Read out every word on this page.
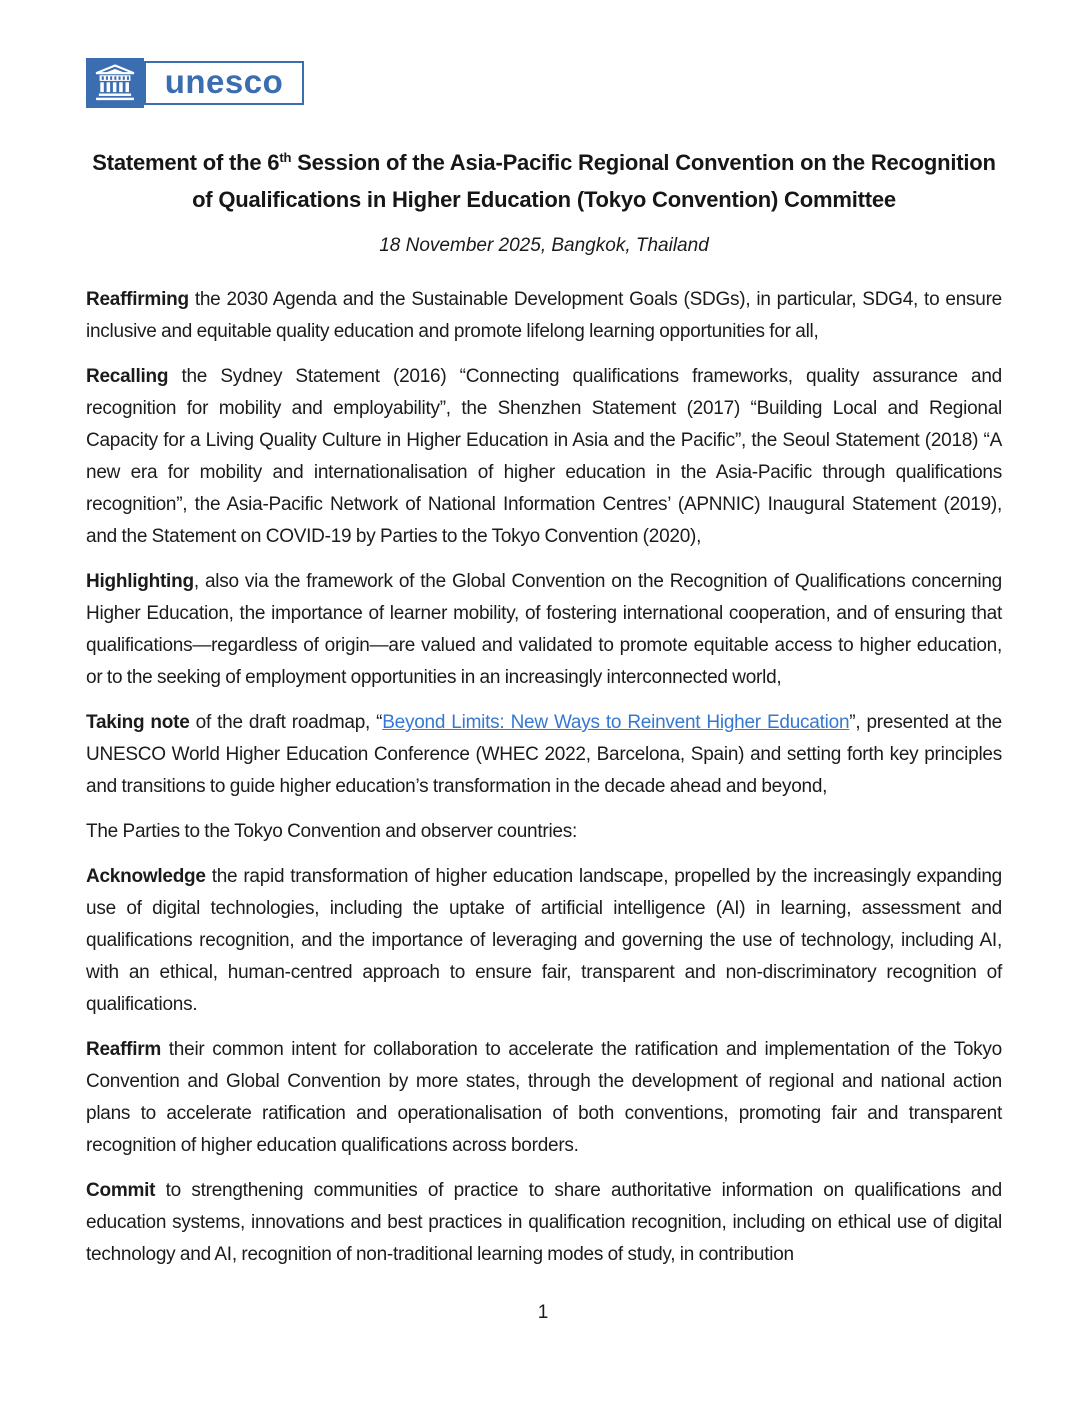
unesco
Statement of the 6th Session of the Asia-Pacific Regional Convention on the Recognition of Qualifications in Higher Education (Tokyo Convention) Committee

18 November 2025, Bangkok, Thailand

Reaffirming the 2030 Agenda and the Sustainable Development Goals (SDGs), in particular, SDG4, to ensure inclusive and equitable quality education and promote lifelong learning opportunities for all,

Recalling the Sydney Statement (2016) “Connecting qualifications frameworks, quality assurance and recognition for mobility and employability”, the Shenzhen Statement (2017) “Building Local and Regional Capacity for a Living Quality Culture in Higher Education in Asia and the Pacific”, the Seoul Statement (2018) “A new era for mobility and internationalisation of higher education in the Asia-Pacific through qualifications recognition”, the Asia-Pacific Network of National Information Centres’ (APNNIC) Inaugural Statement (2019), and the Statement on COVID-19 by Parties to the Tokyo Convention (2020),

Highlighting, also via the framework of the Global Convention on the Recognition of Qualifications concerning Higher Education, the importance of learner mobility, of fostering international cooperation, and of ensuring that qualifications—regardless of origin—are valued and validated to promote equitable access to higher education, or to the seeking of employment opportunities in an increasingly interconnected world,

Taking note of the draft roadmap, “Beyond Limits: New Ways to Reinvent Higher Education”, presented at the UNESCO World Higher Education Conference (WHEC 2022, Barcelona, Spain) and setting forth key principles and transitions to guide higher education’s transformation in the decade ahead and beyond,

The Parties to the Tokyo Convention and observer countries:

Acknowledge the rapid transformation of higher education landscape, propelled by the increasingly expanding use of digital technologies, including the uptake of artificial intelligence (AI) in learning, assessment and qualifications recognition, and the importance of leveraging and governing the use of technology, including AI, with an ethical, human-centred approach to ensure fair, transparent and non-discriminatory recognition of qualifications.

Reaffirm their common intent for collaboration to accelerate the ratification and implementation of the Tokyo Convention and Global Convention by more states, through the development of regional and national action plans to accelerate ratification and operationalisation of both conventions, promoting fair and transparent recognition of higher education qualifications across borders.

Commit to strengthening communities of practice to share authoritative information on qualifications and education systems, innovations and best practices in qualification recognition, including on ethical use of digital technology and AI, recognition of non-traditional learning modes of study, in contribution

1
